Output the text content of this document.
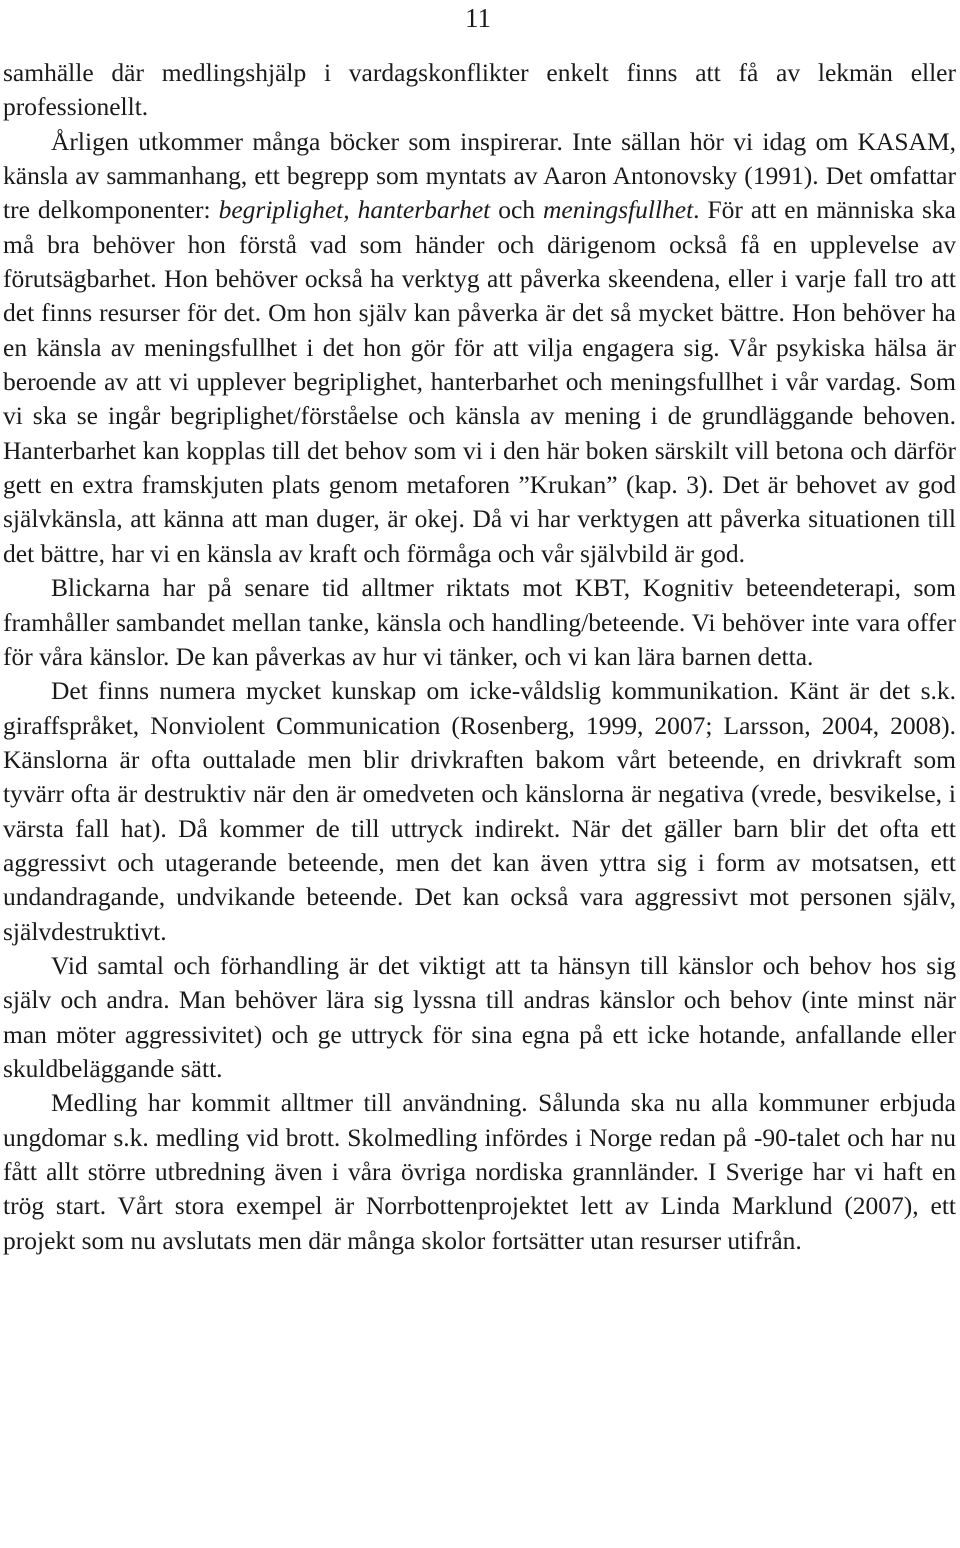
11

samhälle där medlingshjälp i vardagskonflikter enkelt finns att få av lekmän eller professionellt.

Årligen utkommer många böcker som inspirerar. Inte sällan hör vi idag om KASAM, känsla av sammanhang, ett begrepp som myntats av Aaron Antonovsky (1991). Det omfattar tre delkomponenter: begriplighet, hanterbarhet och meningsfullhet. För att en människa ska må bra behöver hon förstå vad som händer och därigenom också få en upplevelse av förutsägbarhet. Hon behöver också ha verktyg att påverka skeendena, eller i varje fall tro att det finns resurser för det. Om hon själv kan påverka är det så mycket bättre. Hon behöver ha en känsla av meningsfullhet i det hon gör för att vilja engagera sig. Vår psykiska hälsa är beroende av att vi upplever begriplighet, hanterbarhet och meningsfullhet i vår vardag. Som vi ska se ingår begriplighet/förståelse och känsla av mening i de grundläggande behoven. Hanterbarhet kan kopplas till det behov som vi i den här boken särskilt vill betona och därför gett en extra framskjuten plats genom metaforen ”Krukan” (kap. 3). Det är behovet av god självkänsla, att känna att man duger, är okej. Då vi har verktygen att påverka situationen till det bättre, har vi en känsla av kraft och förmåga och vår självbild är god.

Blickarna har på senare tid alltmer riktats mot KBT, Kognitiv beteendeterapi, som framhåller sambandet mellan tanke, känsla och handling/beteende. Vi behöver inte vara offer för våra känslor. De kan påverkas av hur vi tänker, och vi kan lära barnen detta.

Det finns numera mycket kunskap om icke-våldslig kommunikation. Känt är det s.k. giraffspråket, Nonviolent Communication (Rosenberg, 1999, 2007; Larsson, 2004, 2008). Känslorna är ofta outtalade men blir drivkraften bakom vårt beteende, en drivkraft som tyvärr ofta är destruktiv när den är omedveten och känslorna är negativa (vrede, besvikelse, i värsta fall hat). Då kommer de till uttryck indirekt. När det gäller barn blir det ofta ett aggressivt och utagerande beteende, men det kan även yttra sig i form av motsatsen, ett undandragande, undvikande beteende. Det kan också vara aggressivt mot personen själv, självdestruktivt.

Vid samtal och förhandling är det viktigt att ta hänsyn till känslor och behov hos sig själv och andra. Man behöver lära sig lyssna till andras känslor och behov (inte minst när man möter aggressivitet) och ge uttryck för sina egna på ett icke hotande, anfallande eller skuldbeläggande sätt.

Medling har kommit alltmer till användning. Sålunda ska nu alla kommuner erbjuda ungdomar s.k. medling vid brott. Skolmedling infördes i Norge redan på -90-talet och har nu fått allt större utbredning även i våra övriga nordiska grannländer. I Sverige har vi haft en trög start. Vårt stora exempel är Norrbottenprojektet lett av Linda Marklund (2007), ett projekt som nu avslutats men där många skolor fortsätter utan resurser utifrån.
